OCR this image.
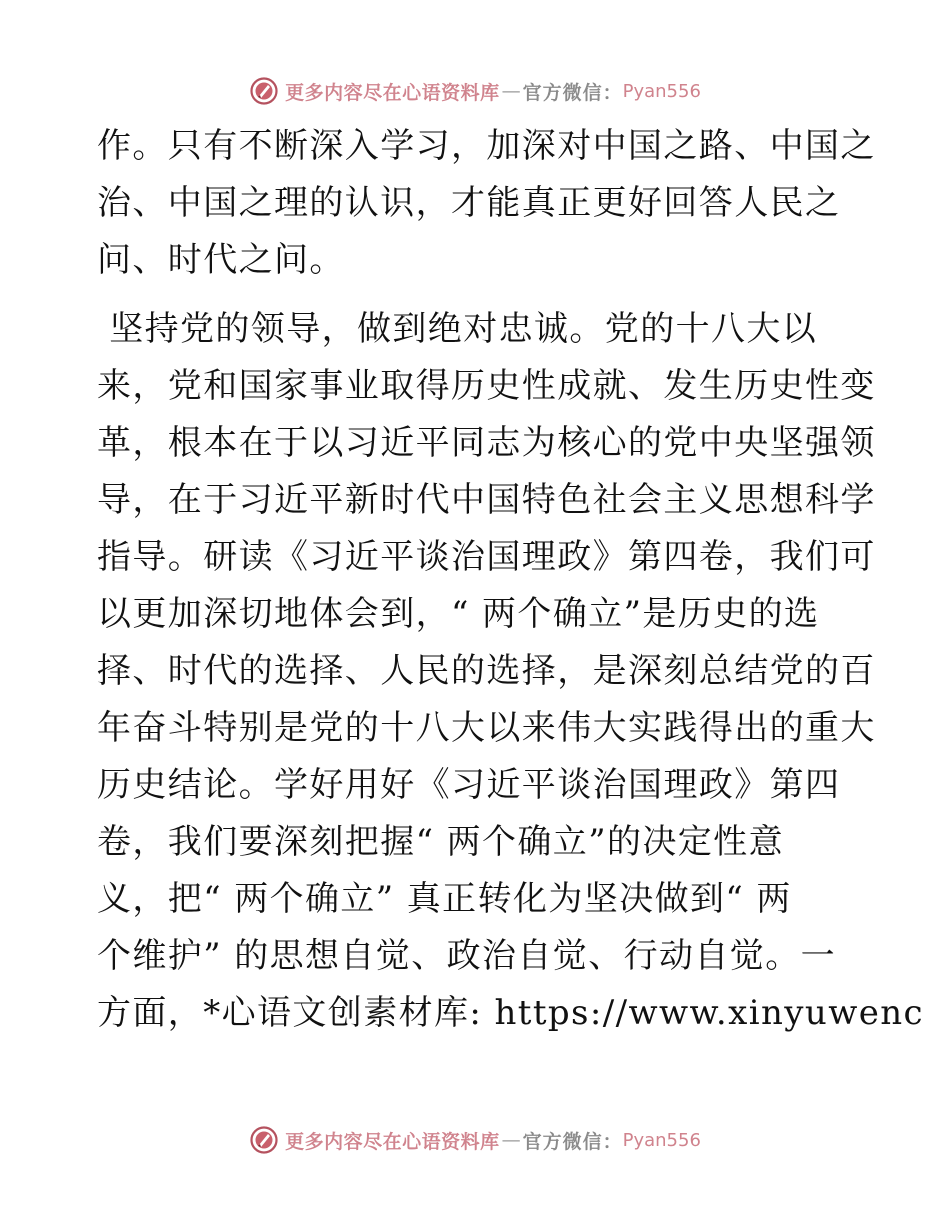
更多内容尽在心语资料库 — 官方微信： Pyan556
作。只有不断深入学习，加深对中国之路、中国之
治、中国之理的认识，才能真正更好回答人民之
问、时代之问。
坚持党的领导，做到绝对忠诚。党的十八大以
来，党和国家事业取得历史性成就、发生历史性变
革，根本在于以习近平同志为核心的党中央坚强领
导，在于习近平新时代中国特色社会主义思想科学
指导。研读《习近平谈治国理政》第四卷，我们可
以更加深切地体会到，“ 两个确立”是历史的选
择、时代的选择、人民的选择，是深刻总结党的百
年奋斗特别是党的十八大以来伟大实践得出的重大
历史结论。学好用好《习近平谈治国理政》第四
卷，我们要深刻把握“ 两个确立”的决定性意
义，把“ 两个确立” 真正转化为坚决做到“ 两
个维护” 的思想自觉、政治自觉、行动自觉。一
方面，*心语文创素材库: https://www.xinyuwenc
更多内容尽在心语资料库 — 官方微信： Pyan556
